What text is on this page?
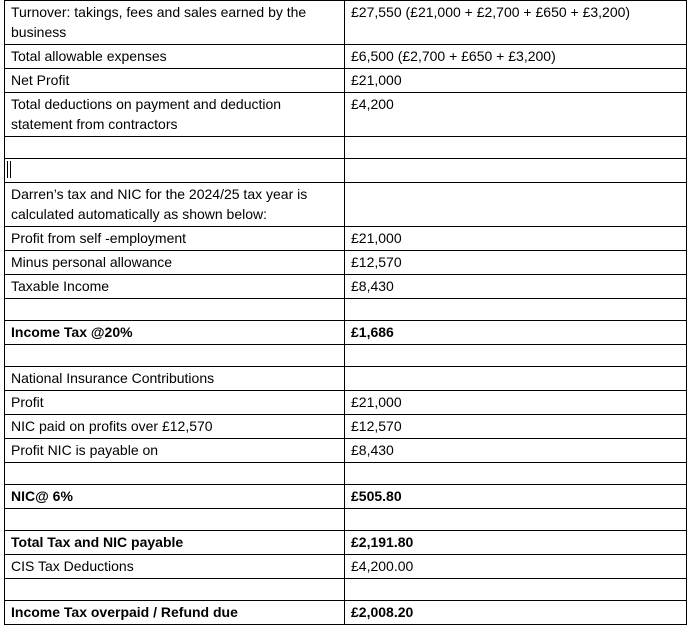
Turnover: takings, fees and sales earned by the business	£27,550 (£21,000 + £2,700 + £650 + £3,200)
Total allowable expenses	£6,500 (£2,700 + £650 + £3,200)
Net Profit	£21,000
Total deductions on payment and deduction statement from contractors	£4,200

Darren’s tax and NIC for the 2024/25 tax year is calculated automatically as shown below:	
Profit from self -employment	£21,000
Minus personal allowance	£12,570
Taxable Income	£8,430

Income Tax @20%	£1,686

National Insurance Contributions	
Profit	£21,000
NIC paid on profits over £12,570	£12,570
Profit NIC is payable on	£8,430

NIC@ 6%	£505.80

Total Tax and NIC payable	£2,191.80
CIS Tax Deductions	£4,200.00

Income Tax overpaid / Refund due	£2,008.20
